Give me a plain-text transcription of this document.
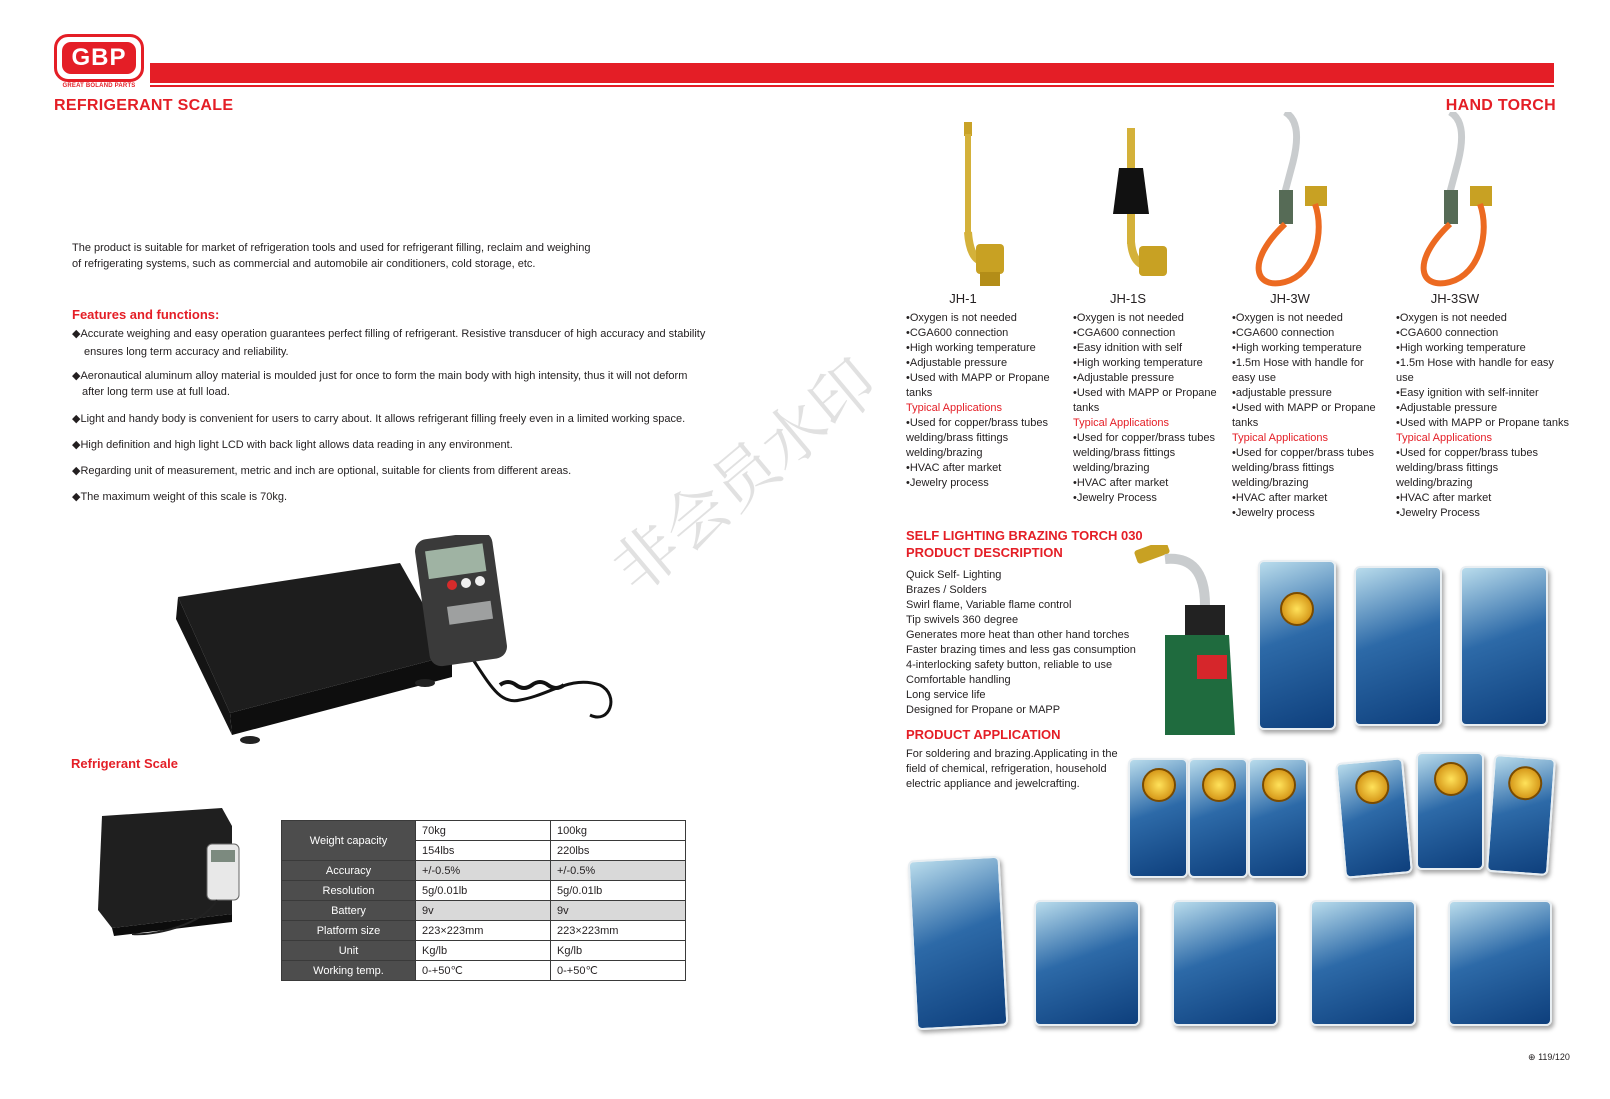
GBP
GREAT BOLAND PARTS
REFRIGERANT SCALE	HAND TORCH
The product is suitable for market of refrigeration tools and used for refrigerant filling, reclaim and weighing
of refrigerating systems, such as commercial and automobile air conditioners, cold storage, etc.
Features and functions:
◆Accurate weighing and easy operation guarantees perfect filling of refrigerant. Resistive transducer of high accuracy and stability
ensures long term accuracy and reliability.
◆Aeronautical aluminum alloy material is moulded just for once to form the main body with high intensity, thus it will not deform
after long term use at full load.
◆Light and handy body is convenient for users to carry about. It allows refrigerant filling freely even in a limited working space.
◆High definition and high light LCD with back light allows data reading in any environment.
◆Regarding unit of measurement, metric and inch are optional, suitable for clients from different areas.
◆The maximum weight of this scale is 70kg.
Refrigerant Scale
Weight capacity	70kg	100kg
	154lbs	220lbs
Accuracy	+/-0.5%	+/-0.5%
Resolution	5g/0.01lb	5g/0.01lb
Battery	9v	9v
Platform size	223×223mm	223×223mm
Unit	Kg/lb	Kg/lb
Working temp.	0-+50℃	0-+50℃
非会员水印
JH-1	JH-1S	JH-3W	JH-3SW
•Oxygen is not needed
•CGA600 connection
•High working temperature
•Adjustable pressure
•Used with MAPP or Propane
tanks
Typical Applications
•Used for copper/brass tubes
welding/brass fittings
welding/brazing
•HVAC after market
•Jewelry process
•Oxygen is not needed
•CGA600 connection
•Easy idnition with self
•High working temperature
•Adjustable pressure
•Used with MAPP or Propane
tanks
Typical Applications
•Used for copper/brass tubes
welding/brass fittings
welding/brazing
•HVAC after market
•Jewelry Process
•Oxygen is not needed
•CGA600 connection
•High working temperature
•1.5m Hose with handle for
easy use
•adjustable pressure
•Used with MAPP or Propane
tanks
Typical Applications
•Used for copper/brass tubes
welding/brass fittings
welding/brazing
•HVAC after market
•Jewelry process
•Oxygen is not needed
•CGA600 connection
•High working temperature
•1.5m Hose with handle for easy
use
•Easy ignition with self-inniter
•Adjustable pressure
•Used with MAPP or Propane tanks
Typical Applications
•Used for copper/brass tubes
welding/brass fittings
welding/brazing
•HVAC after market
•Jewelry Process
SELF LIGHTING BRAZING TORCH 030
PRODUCT DESCRIPTION
Quick Self- Lighting
Brazes / Solders
Swirl flame, Variable flame control
Tip swivels 360 degree
Generates more heat than other hand torches
Faster brazing times and less gas consumption
4-interlocking safety button, reliable to use
Comfortable handling
Long service life
Designed for Propane or MAPP
PRODUCT APPLICATION
For soldering and brazing.Applicating in the
field of chemical, refrigeration, household
electric appliance and jewelcrafting.
⊕ 119/120
